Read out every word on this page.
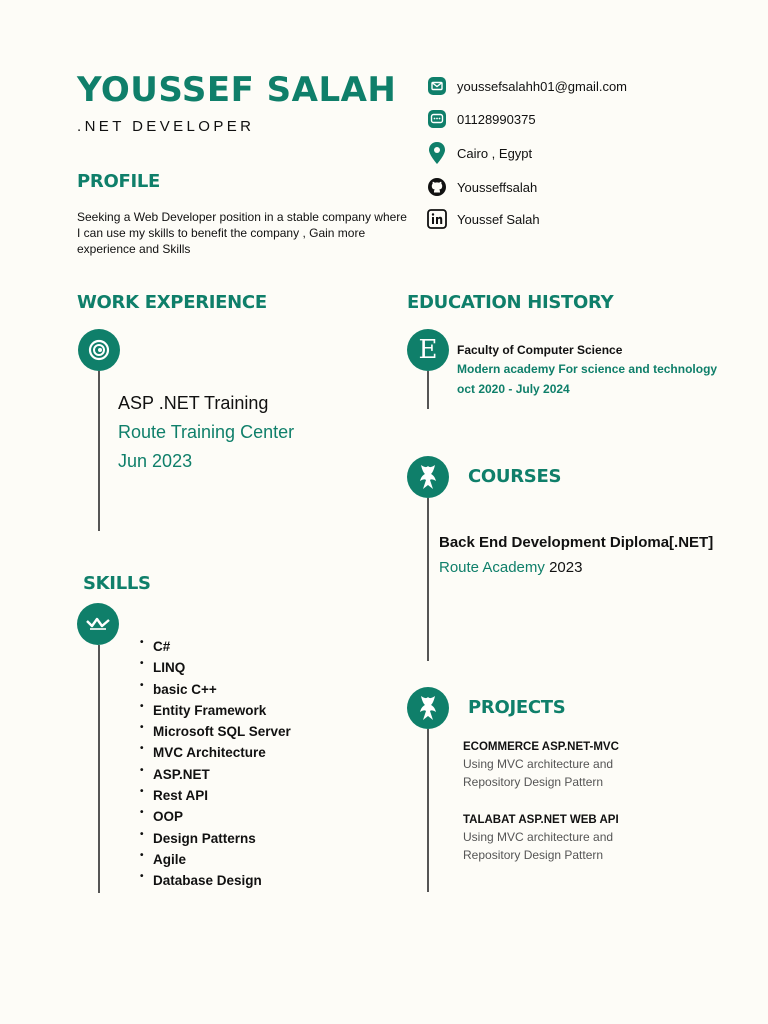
YOUSSEF SALAH
.NET DEVELOPER
youssefsalahh01@gmail.com
01128990375
Cairo , Egypt
Yousseffsalah
Youssef Salah
PROFILE
Seeking a Web Developer position in a stable company where I can use my skills to benefit the company , Gain more experience and Skills
WORK EXPERIENCE
ASP .NET Training
Route Training Center
Jun 2023
SKILLS
• C#
• LINQ
• basic C++
• Entity Framework
• Microsoft SQL Server
• MVC Architecture
• ASP.NET
• Rest API
• OOP
• Design Patterns
• Agile
• Database Design
EDUCATION HISTORY
E Faculty of Computer Science
Modern academy For science and technology
oct 2020 - July 2024
COURSES
Back End Development Diploma[.NET]
Route Academy 2023
PROJECTS
ECOMMERCE ASP.NET-MVC
Using MVC architecture and
Repository Design Pattern
TALABAT ASP.NET WEB API
Using MVC architecture and
Repository Design Pattern
